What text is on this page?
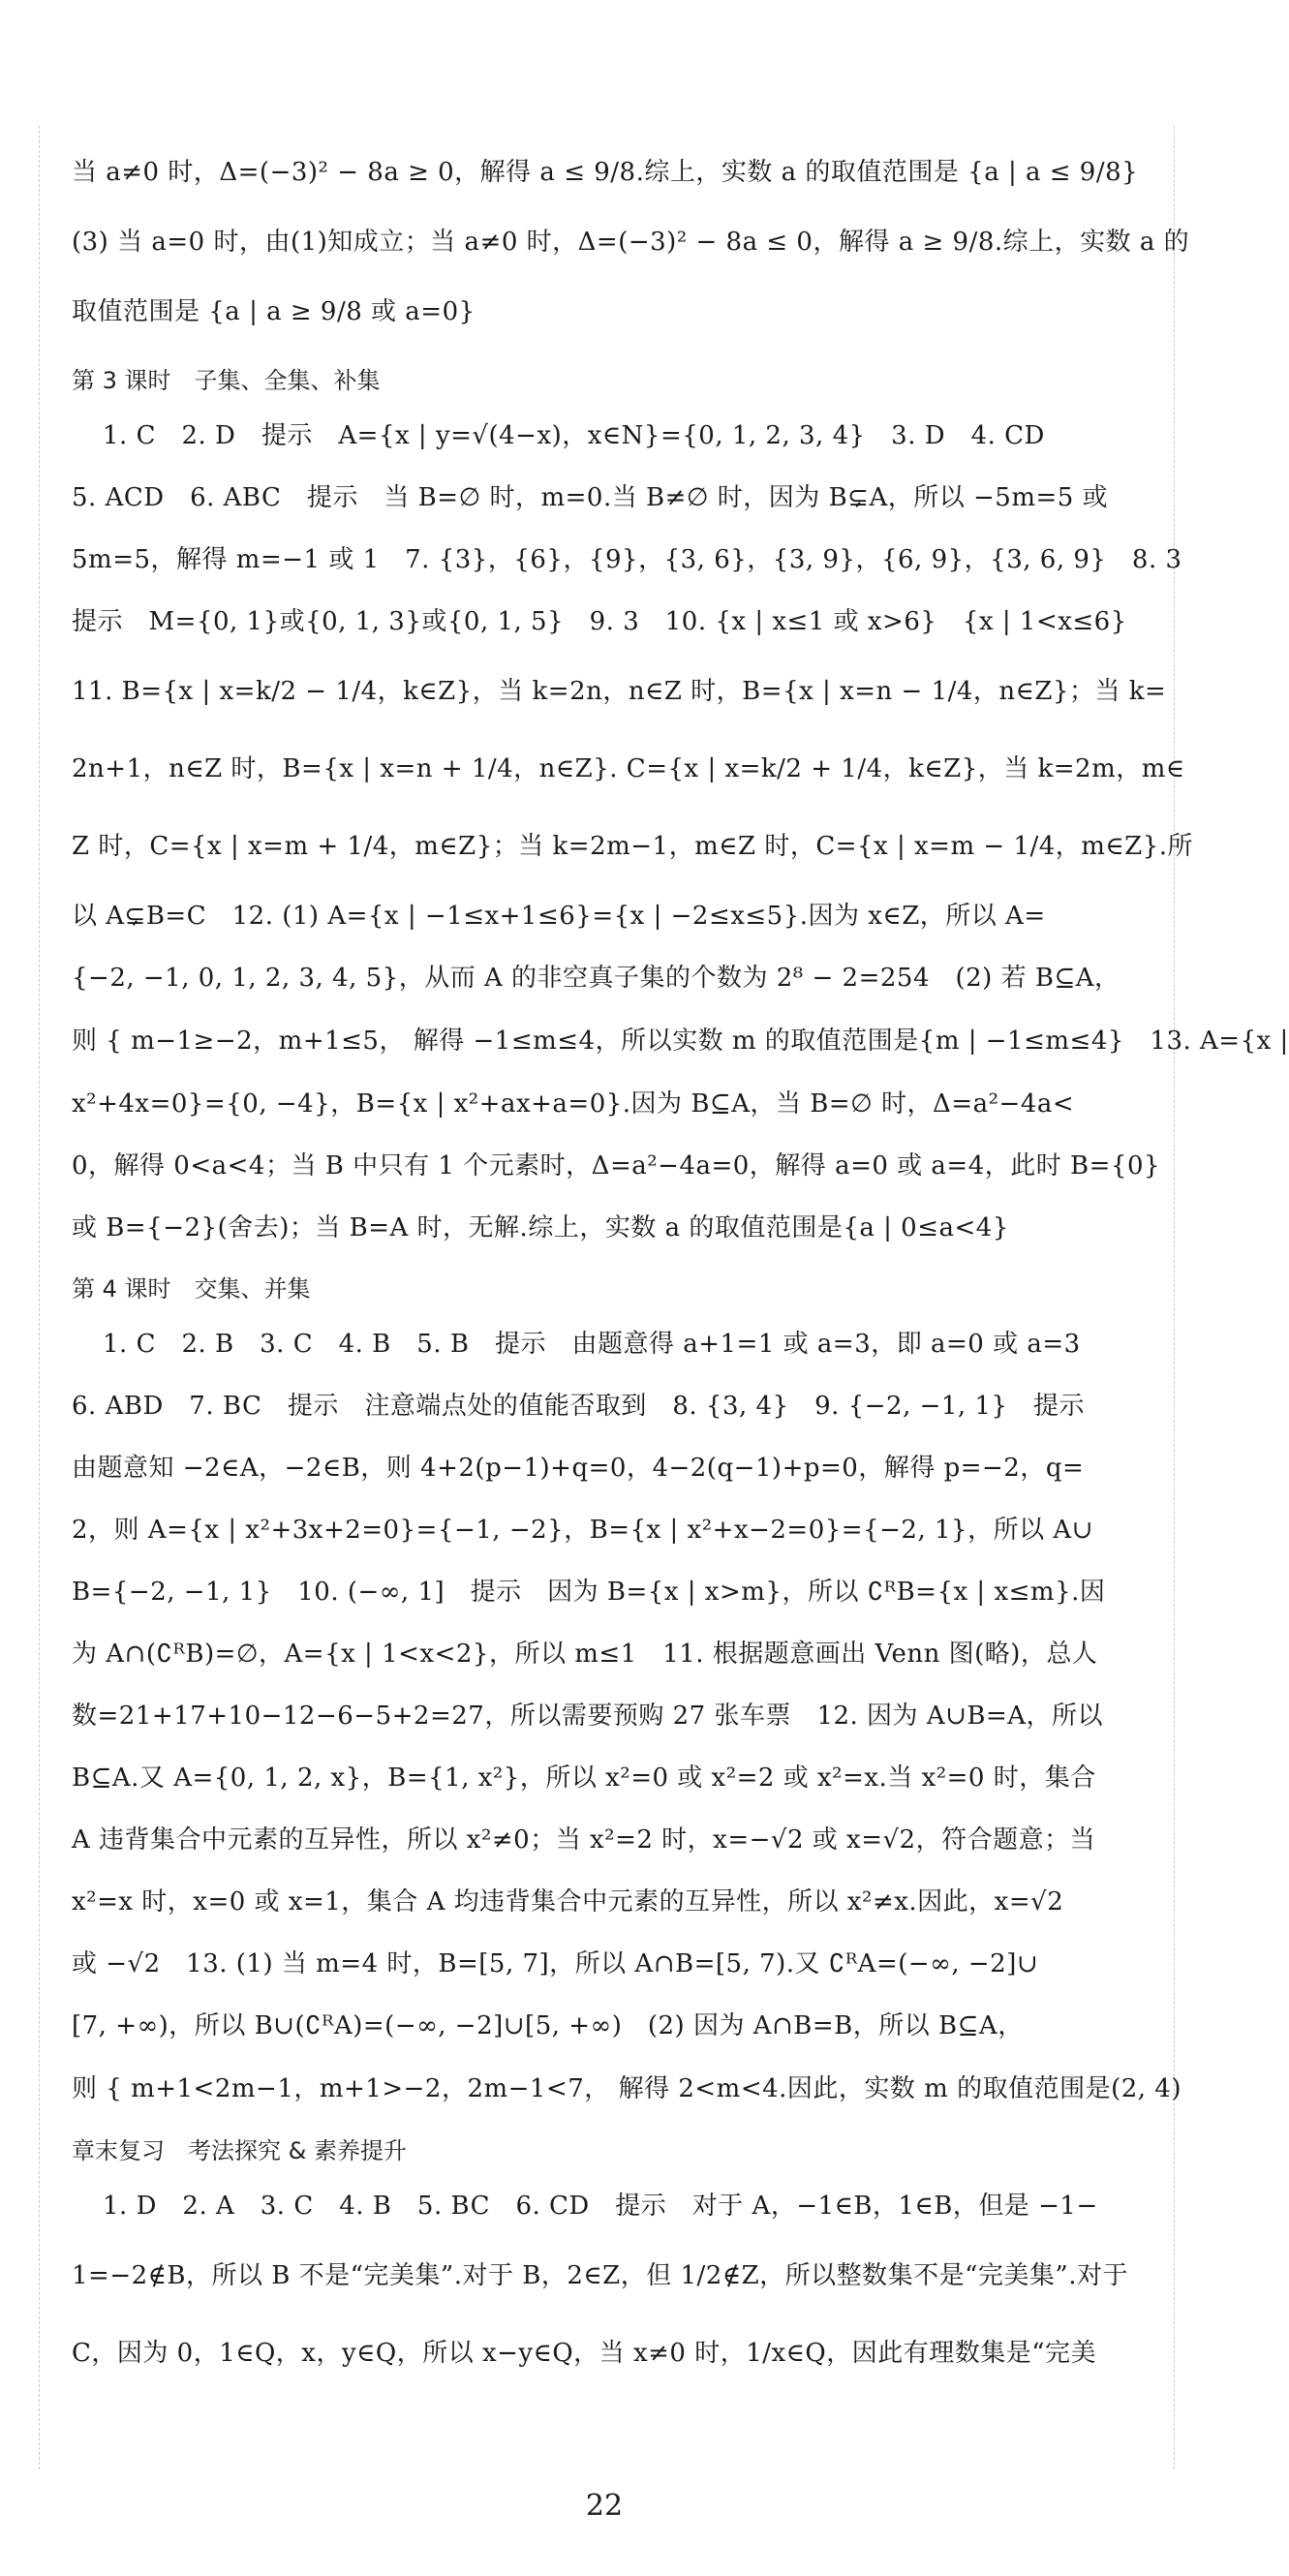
当 a≠0 时，Δ=(−3)² − 8a ≥ 0，解得 a ≤ 9/8.综上，实数 a 的取值范围是 {a | a ≤ 9/8}
(3) 当 a=0 时，由(1)知成立；当 a≠0 时，Δ=(−3)² − 8a ≤ 0，解得 a ≥ 9/8.综上，实数 a 的
取值范围是 {a | a ≥ 9/8 或 a=0}
第 3 课时　子集、全集、补集
1. C　2. D　提示　A={x | y=√(4−x)，x∈N}={0, 1, 2, 3, 4}　3. D　4. CD
5. ACD　6. ABC　提示　当 B=∅ 时，m=0.当 B≠∅ 时，因为 B⊊A，所以 −5m=5 或
5m=5，解得 m=−1 或 1　7. {3}，{6}，{9}，{3, 6}，{3, 9}，{6, 9}，{3, 6, 9}　8. 3
提示　M={0, 1}或{0, 1, 3}或{0, 1, 5}　9. 3　10. {x | x≤1 或 x>6}　{x | 1<x≤6}
11. B={x | x=k/2 − 1/4，k∈Z}，当 k=2n，n∈Z 时，B={x | x=n − 1/4，n∈Z}；当 k=
2n+1，n∈Z 时，B={x | x=n + 1/4，n∈Z}. C={x | x=k/2 + 1/4，k∈Z}，当 k=2m，m∈
Z 时，C={x | x=m + 1/4，m∈Z}；当 k=2m−1，m∈Z 时，C={x | x=m − 1/4，m∈Z}.所
以 A⊊B=C　12. (1) A={x | −1≤x+1≤6}={x | −2≤x≤5}.因为 x∈Z，所以 A=
{−2, −1, 0, 1, 2, 3, 4, 5}，从而 A 的非空真子集的个数为 2⁸ − 2=254　(2) 若 B⊆A，
则 { m−1≥−2，m+1≤5， 解得 −1≤m≤4，所以实数 m 的取值范围是{m | −1≤m≤4}　13. A={x |
x²+4x=0}={0, −4}，B={x | x²+ax+a=0}.因为 B⊆A，当 B=∅ 时，Δ=a²−4a<
0，解得 0<a<4；当 B 中只有 1 个元素时，Δ=a²−4a=0，解得 a=0 或 a=4，此时 B={0}
或 B={−2}(舍去)；当 B=A 时，无解.综上，实数 a 的取值范围是{a | 0≤a<4}
第 4 课时　交集、并集
1. C　2. B　3. C　4. B　5. B　提示　由题意得 a+1=1 或 a=3，即 a=0 或 a=3
6. ABD　7. BC　提示　注意端点处的值能否取到　8. {3, 4}　9. {−2, −1, 1}　提示
由题意知 −2∈A，−2∈B，则 4+2(p−1)+q=0，4−2(q−1)+p=0，解得 p=−2，q=
2，则 A={x | x²+3x+2=0}={−1, −2}，B={x | x²+x−2=0}={−2, 1}，所以 A∪
B={−2, −1, 1}　10. (−∞, 1]　提示　因为 B={x | x>m}，所以 ∁ᴿB={x | x≤m}.因
为 A∩(∁ᴿB)=∅，A={x | 1<x<2}，所以 m≤1　11. 根据题意画出 Venn 图(略)，总人
数=21+17+10−12−6−5+2=27，所以需要预购 27 张车票　12. 因为 A∪B=A，所以
B⊆A.又 A={0, 1, 2, x}，B={1, x²}，所以 x²=0 或 x²=2 或 x²=x.当 x²=0 时，集合
A 违背集合中元素的互异性，所以 x²≠0；当 x²=2 时，x=−√2 或 x=√2，符合题意；当
x²=x 时，x=0 或 x=1，集合 A 均违背集合中元素的互异性，所以 x²≠x.因此，x=√2
或 −√2　13. (1) 当 m=4 时，B=[5, 7]，所以 A∩B=[5, 7).又 ∁ᴿA=(−∞, −2]∪
[7, +∞)，所以 B∪(∁ᴿA)=(−∞, −2]∪[5, +∞)　(2) 因为 A∩B=B，所以 B⊆A，
则 { m+1<2m−1，m+1>−2，2m−1<7， 解得 2<m<4.因此，实数 m 的取值范围是(2, 4)
章末复习　考法探究 & 素养提升
1. D　2. A　3. C　4. B　5. BC　6. CD　提示　对于 A，−1∈B，1∈B，但是 −1−
1=−2∉B，所以 B 不是“完美集”.对于 B，2∈Z，但 1/2∉Z，所以整数集不是“完美集”.对于
C，因为 0，1∈Q，x，y∈Q，所以 x−y∈Q，当 x≠0 时，1/x∈Q，因此有理数集是“完美
22
